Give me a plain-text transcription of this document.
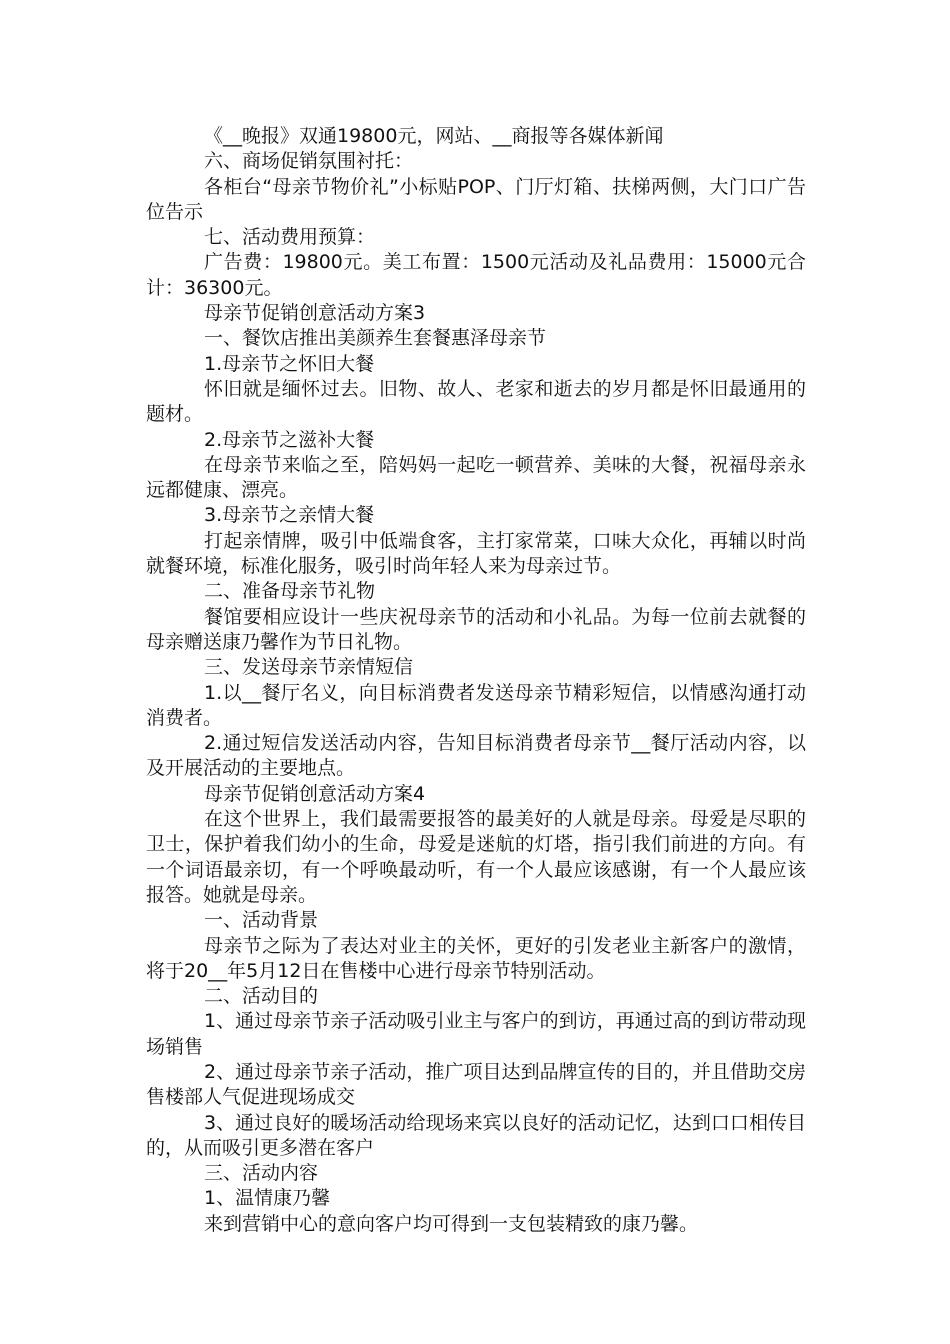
《__晚报》双通19800元，网站、__商报等各媒体新闻

六、商场促销氛围衬托：

各柜台“母亲节物价礼”小标贴POP、门厅灯箱、扶梯两侧，大门口广告位告示

七、活动费用预算：

广告费：19800元。美工布置：1500元活动及礼品费用：15000元合计：36300元。

母亲节促销创意活动方案3

一、餐饮店推出美颜养生套餐惠泽母亲节

1.母亲节之怀旧大餐

怀旧就是缅怀过去。旧物、故人、老家和逝去的岁月都是怀旧最通用的题材。

2.母亲节之滋补大餐

在母亲节来临之至，陪妈妈一起吃一顿营养、美味的大餐，祝福母亲永远都健康、漂亮。

3.母亲节之亲情大餐

打起亲情牌，吸引中低端食客，主打家常菜，口味大众化，再辅以时尚就餐环境，标准化服务，吸引时尚年轻人来为母亲过节。

二、准备母亲节礼物

餐馆要相应设计一些庆祝母亲节的活动和小礼品。为每一位前去就餐的母亲赠送康乃馨作为节日礼物。

三、发送母亲节亲情短信

1.以__餐厅名义，向目标消费者发送母亲节精彩短信，以情感沟通打动消费者。

2.通过短信发送活动内容，告知目标消费者母亲节__餐厅活动内容，以及开展活动的主要地点。

母亲节促销创意活动方案4

在这个世界上，我们最需要报答的最美好的人就是母亲。母爱是尽职的卫士，保护着我们幼小的生命，母爱是迷航的灯塔，指引我们前进的方向。有一个词语最亲切，有一个呼唤最动听，有一个人最应该感谢，有一个人最应该报答。她就是母亲。

一、活动背景

母亲节之际为了表达对业主的关怀，更好的引发老业主新客户的激情，将于20__年5月12日在售楼中心进行母亲节特别活动。

二、活动目的

1、通过母亲节亲子活动吸引业主与客户的到访，再通过高的到访带动现场销售

2、通过母亲节亲子活动，推广项目达到品牌宣传的目的，并且借助交房售楼部人气促进现场成交

3、通过良好的暖场活动给现场来宾以良好的活动记忆，达到口口相传目的，从而吸引更多潜在客户

三、活动内容

1、温情康乃馨

来到营销中心的意向客户均可得到一支包装精致的康乃馨。
